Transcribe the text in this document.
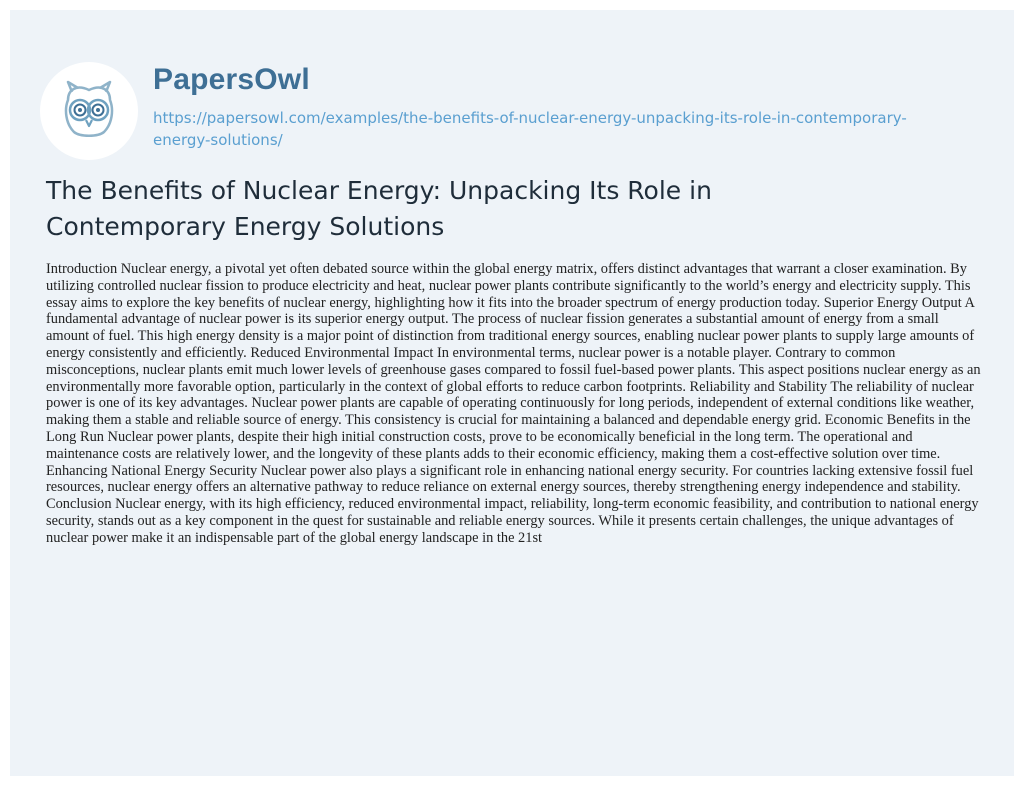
PapersOwl
https://papersowl.com/examples/the-benefits-of-nuclear-energy-unpacking-its-role-in-contemporary-energy-solutions/
The Benefits of Nuclear Energy: Unpacking Its Role in Contemporary Energy Solutions

Introduction Nuclear energy, a pivotal yet often debated source within the global energy matrix, offers distinct advantages that warrant a closer examination. By utilizing controlled nuclear fission to produce electricity and heat, nuclear power plants contribute significantly to the world’s energy and electricity supply. This essay aims to explore the key benefits of nuclear energy, highlighting how it fits into the broader spectrum of energy production today. Superior Energy Output A fundamental advantage of nuclear power is its superior energy output. The process of nuclear fission generates a substantial amount of energy from a small amount of fuel. This high energy density is a major point of distinction from traditional energy sources, enabling nuclear power plants to supply large amounts of energy consistently and efficiently. Reduced Environmental Impact In environmental terms, nuclear power is a notable player. Contrary to common misconceptions, nuclear plants emit much lower levels of greenhouse gases compared to fossil fuel-based power plants. This aspect positions nuclear energy as an environmentally more favorable option, particularly in the context of global efforts to reduce carbon footprints. Reliability and Stability The reliability of nuclear power is one of its key advantages. Nuclear power plants are capable of operating continuously for long periods, independent of external conditions like weather, making them a stable and reliable source of energy. This consistency is crucial for maintaining a balanced and dependable energy grid. Economic Benefits in the Long Run Nuclear power plants, despite their high initial construction costs, prove to be economically beneficial in the long term. The operational and maintenance costs are relatively lower, and the longevity of these plants adds to their economic efficiency, making them a cost-effective solution over time. Enhancing National Energy Security Nuclear power also plays a significant role in enhancing national energy security. For countries lacking extensive fossil fuel resources, nuclear energy offers an alternative pathway to reduce reliance on external energy sources, thereby strengthening energy independence and stability. Conclusion Nuclear energy, with its high efficiency, reduced environmental impact, reliability, long-term economic feasibility, and contribution to national energy security, stands out as a key component in the quest for sustainable and reliable energy sources. While it presents certain challenges, the unique advantages of nuclear power make it an indispensable part of the global energy landscape in the 21st
